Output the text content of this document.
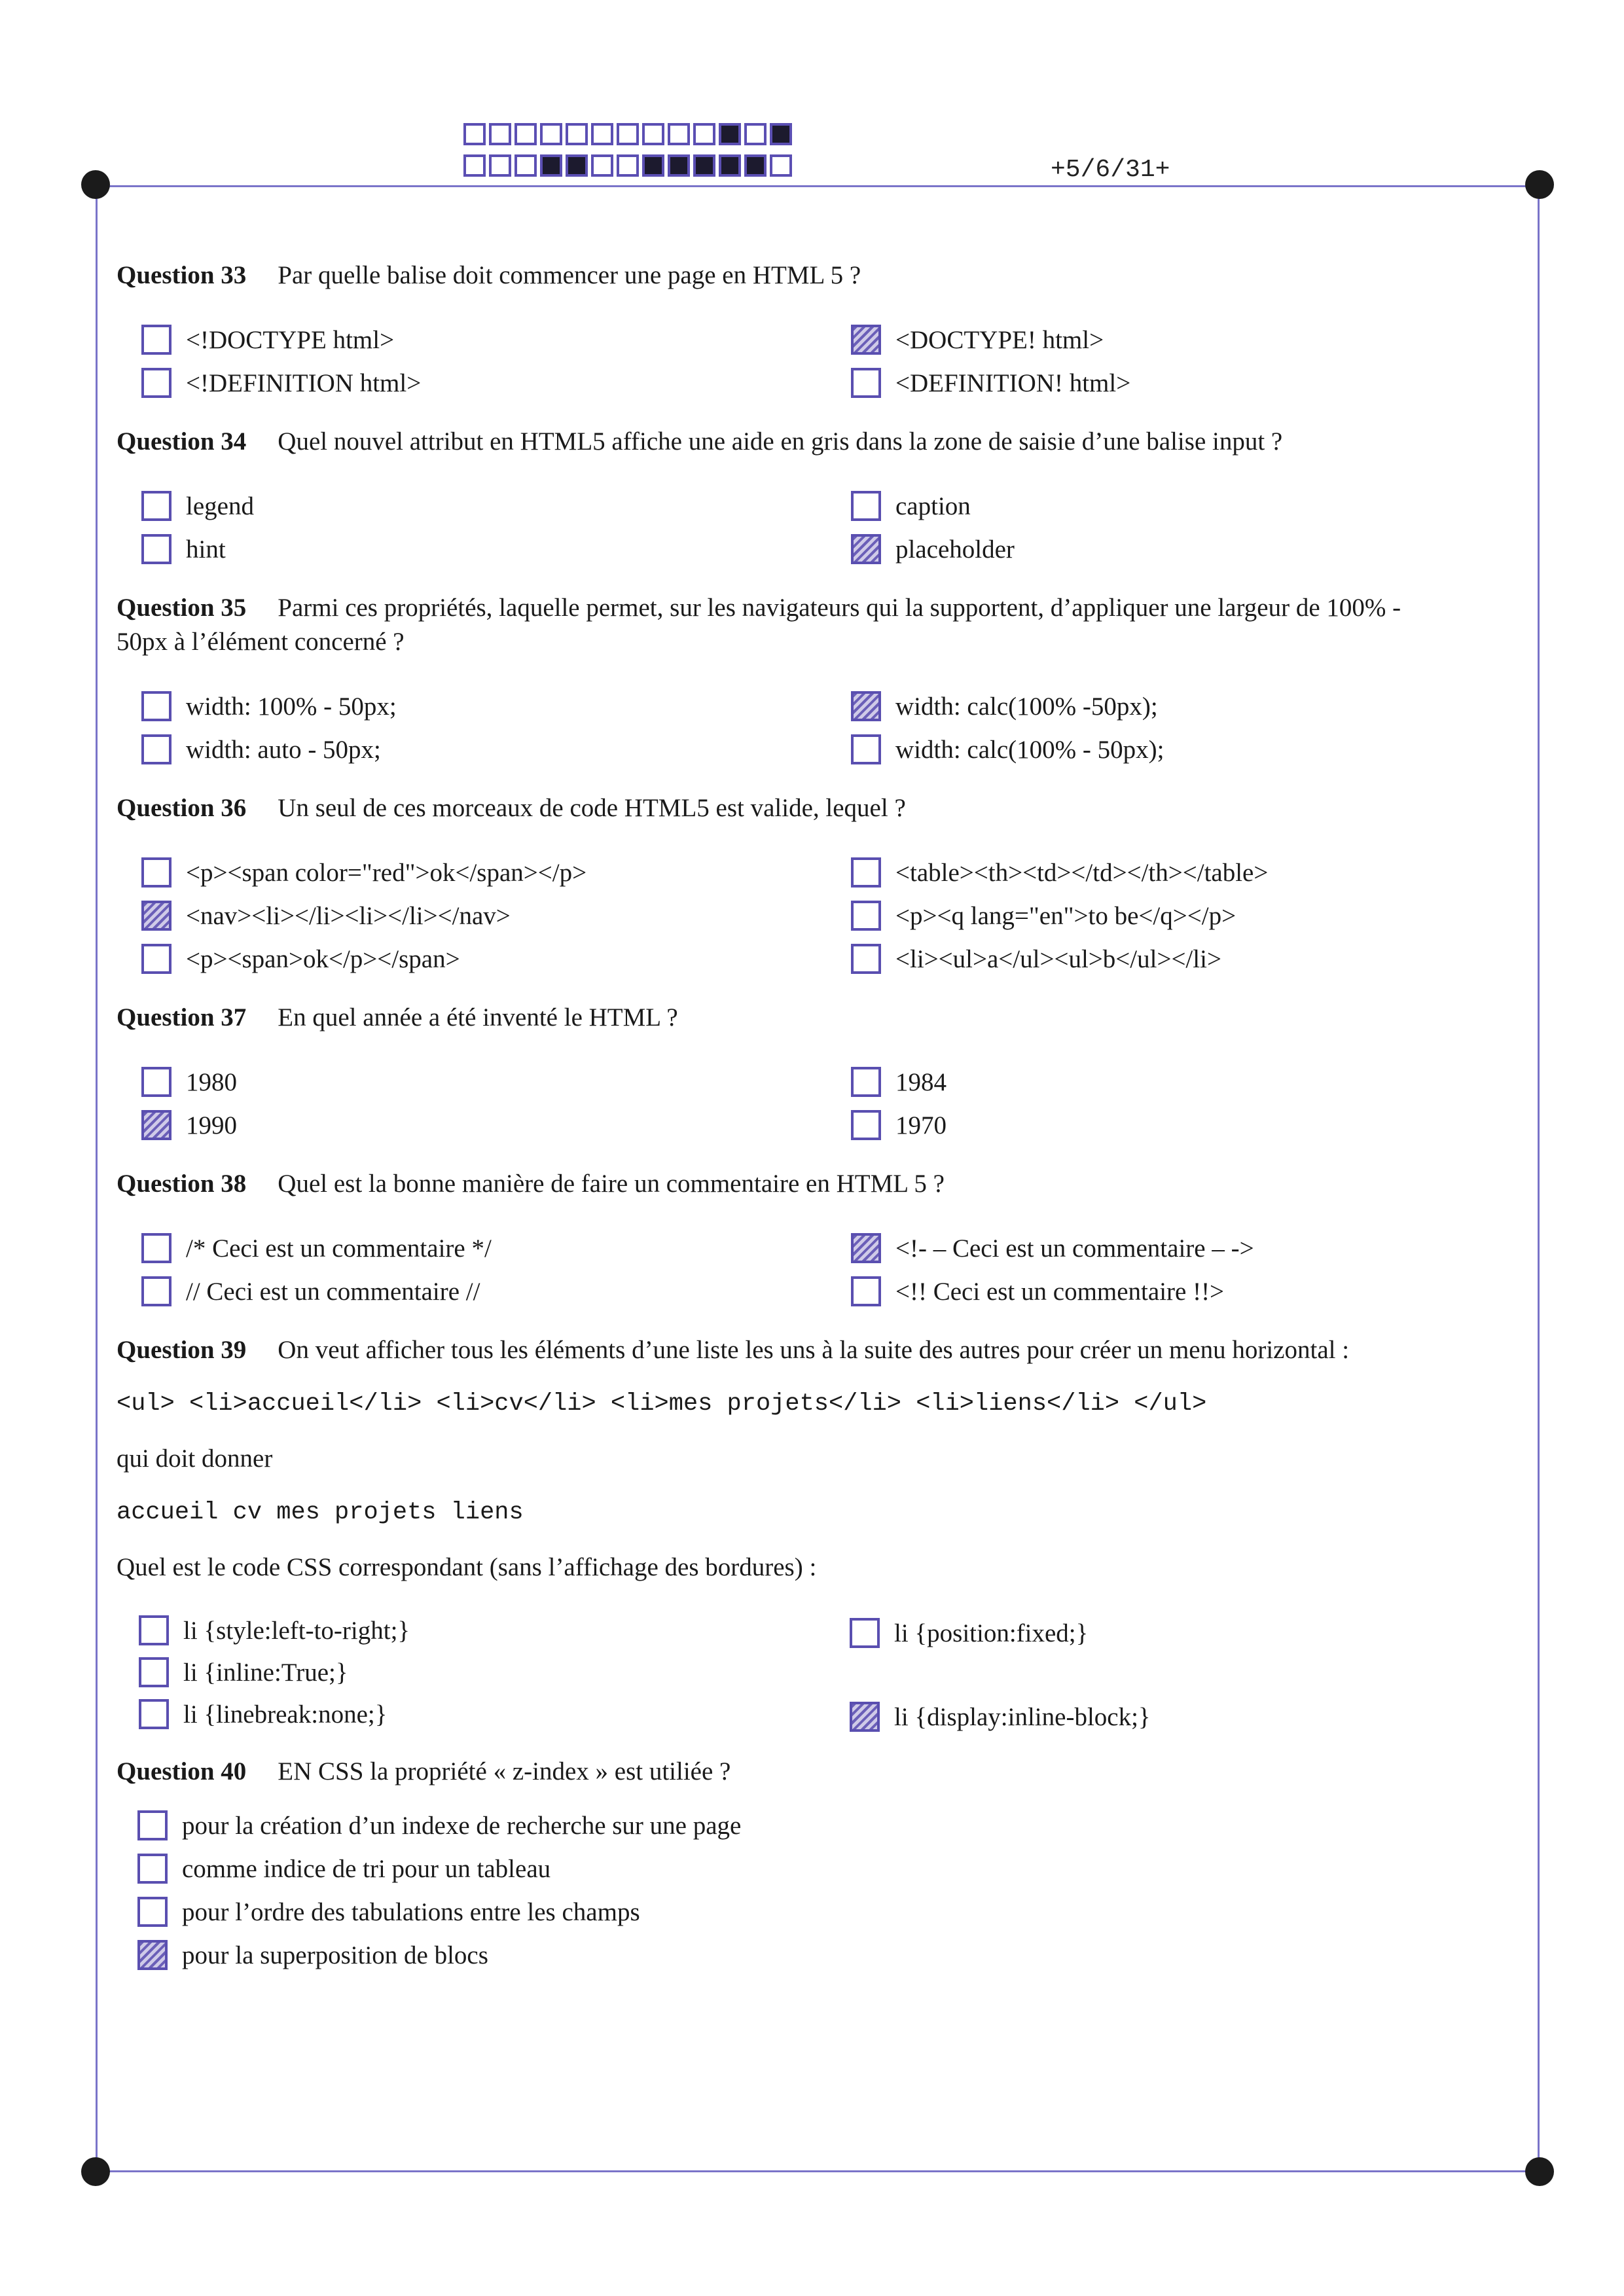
+5/6/31+
Question 33 Par quelle balise doit commencer une page en HTML 5 ?
<!DOCTYPE html>
<!DEFINITION html>
<DOCTYPE! html>
<DEFINITION! html>
Question 34 Quel nouvel attribut en HTML5 affiche une aide en gris dans la zone de saisie d’une balise input ?
legend
hint
caption
placeholder
Question 35 Parmi ces propriétés, laquelle permet, sur les navigateurs qui la supportent, d’appliquer une largeur de 100% -
50px à l’élément concerné ?
width: 100% - 50px;
width: auto - 50px;
width: calc(100% -50px);
width: calc(100% - 50px);
Question 36 Un seul de ces morceaux de code HTML5 est valide, lequel ?
<p><span color="red">ok</span></p>
<nav><li></li><li></li></nav>
<p><span>ok</p></span>
<table><th><td></td></th></table>
<p><q lang="en">to be</q></p>
<li><ul>a</ul><ul>b</ul></li>
Question 37 En quel année a été inventé le HTML ?
1980
1990
1984
1970
Question 38 Quel est la bonne manière de faire un commentaire en HTML 5 ?
/* Ceci est un commentaire */
// Ceci est un commentaire //
<!- – Ceci est un commentaire – ->
<!! Ceci est un commentaire !!>
Question 39 On veut afficher tous les éléments d’une liste les uns à la suite des autres pour créer un menu horizontal :
<ul> <li>accueil</li> <li>cv</li> <li>mes projets</li> <li>liens</li> </ul>
qui doit donner
accueil cv mes projets liens
Quel est le code CSS correspondant (sans l’affichage des bordures) :
li {style:left-to-right;}
li {inline:True;}
li {linebreak:none;}
li {position:fixed;}
li {display:inline-block;}
Question 40 EN CSS la propriété « z-index » est utiliée ?
pour la création d’un indexe de recherche sur une page
comme indice de tri pour un tableau
pour l’ordre des tabulations entre les champs
pour la superposition de blocs
